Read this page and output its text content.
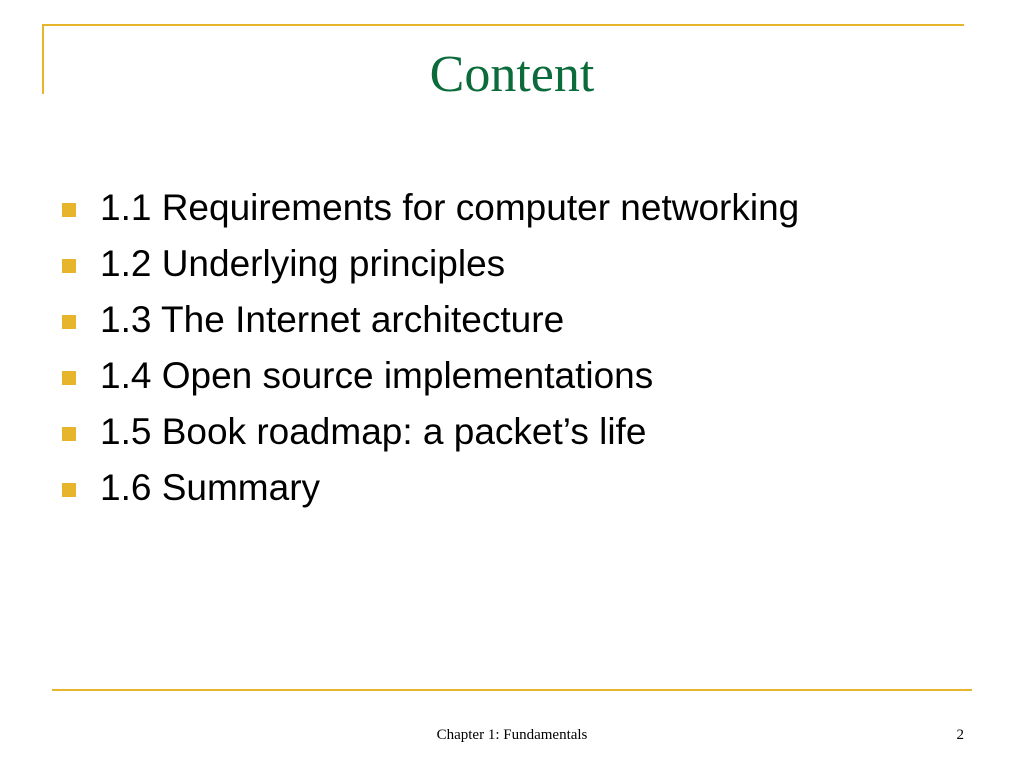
Content
1.1 Requirements for computer networking
1.2 Underlying principles
1.3 The Internet architecture
1.4 Open source implementations
1.5 Book roadmap: a packet’s life
1.6 Summary
Chapter 1: Fundamentals	2
